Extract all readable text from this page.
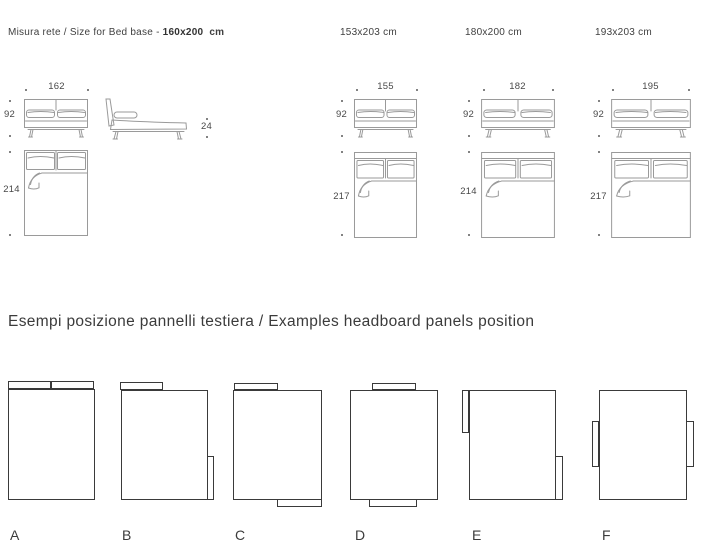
Misura rete / Size for Bed base - 160x200 cm	153x203 cm	180x200 cm	193x203 cm
162
92
214
24
155
92
217
182
92
214
195
92
217
Esempi posizione pannelli testiera / Examples headboard panels position
A	B	C	D	E	F
